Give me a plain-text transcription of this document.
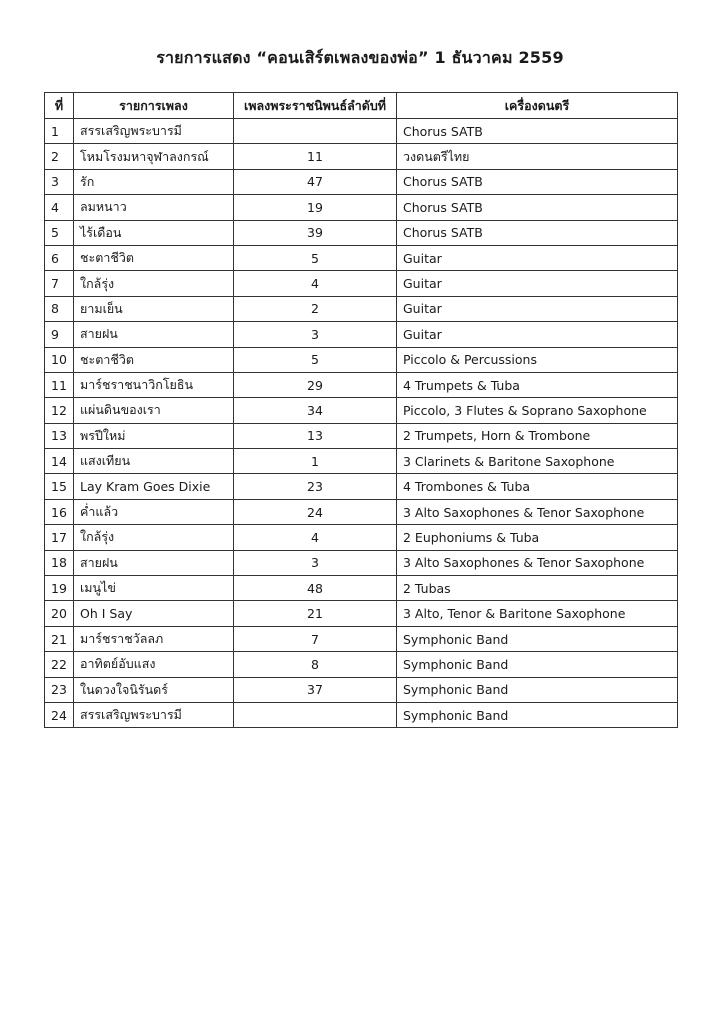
รายการแสดง “คอนเสิร์ตเพลงของพ่อ” 1 ธันวาคม 2559
ที่	รายการเพลง	เพลงพระราชนิพนธ์ลำดับที่	เครื่องดนตรี
1	สรรเสริญพระบารมี		Chorus SATB
2	โหมโรงมหาจุฬาลงกรณ์	11	วงดนตรีไทย
3	รัก	47	Chorus SATB
4	ลมหนาว	19	Chorus SATB
5	ไร้เดือน	39	Chorus SATB
6	ชะตาชีวิต	5	Guitar
7	ใกล้รุ่ง	4	Guitar
8	ยามเย็น	2	Guitar
9	สายฝน	3	Guitar
10	ชะตาชีวิต	5	Piccolo & Percussions
11	มาร์ชราชนาวิกโยธิน	29	4 Trumpets & Tuba
12	แผ่นดินของเรา	34	Piccolo, 3 Flutes & Soprano Saxophone
13	พรปีใหม่	13	2 Trumpets, Horn & Trombone
14	แสงเทียน	1	3 Clarinets & Baritone Saxophone
15	Lay Kram Goes Dixie	23	4 Trombones & Tuba
16	ค่ำแล้ว	24	3 Alto Saxophones & Tenor Saxophone
17	ใกล้รุ่ง	4	2 Euphoniums & Tuba
18	สายฝน	3	3 Alto Saxophones & Tenor Saxophone
19	เมนูไข่	48	2 Tubas
20	Oh I Say	21	3 Alto, Tenor & Baritone Saxophone
21	มาร์ชราชวัลลภ	7	Symphonic Band
22	อาทิตย์อับแสง	8	Symphonic Band
23	ในดวงใจนิรันดร์	37	Symphonic Band
24	สรรเสริญพระบารมี		Symphonic Band
